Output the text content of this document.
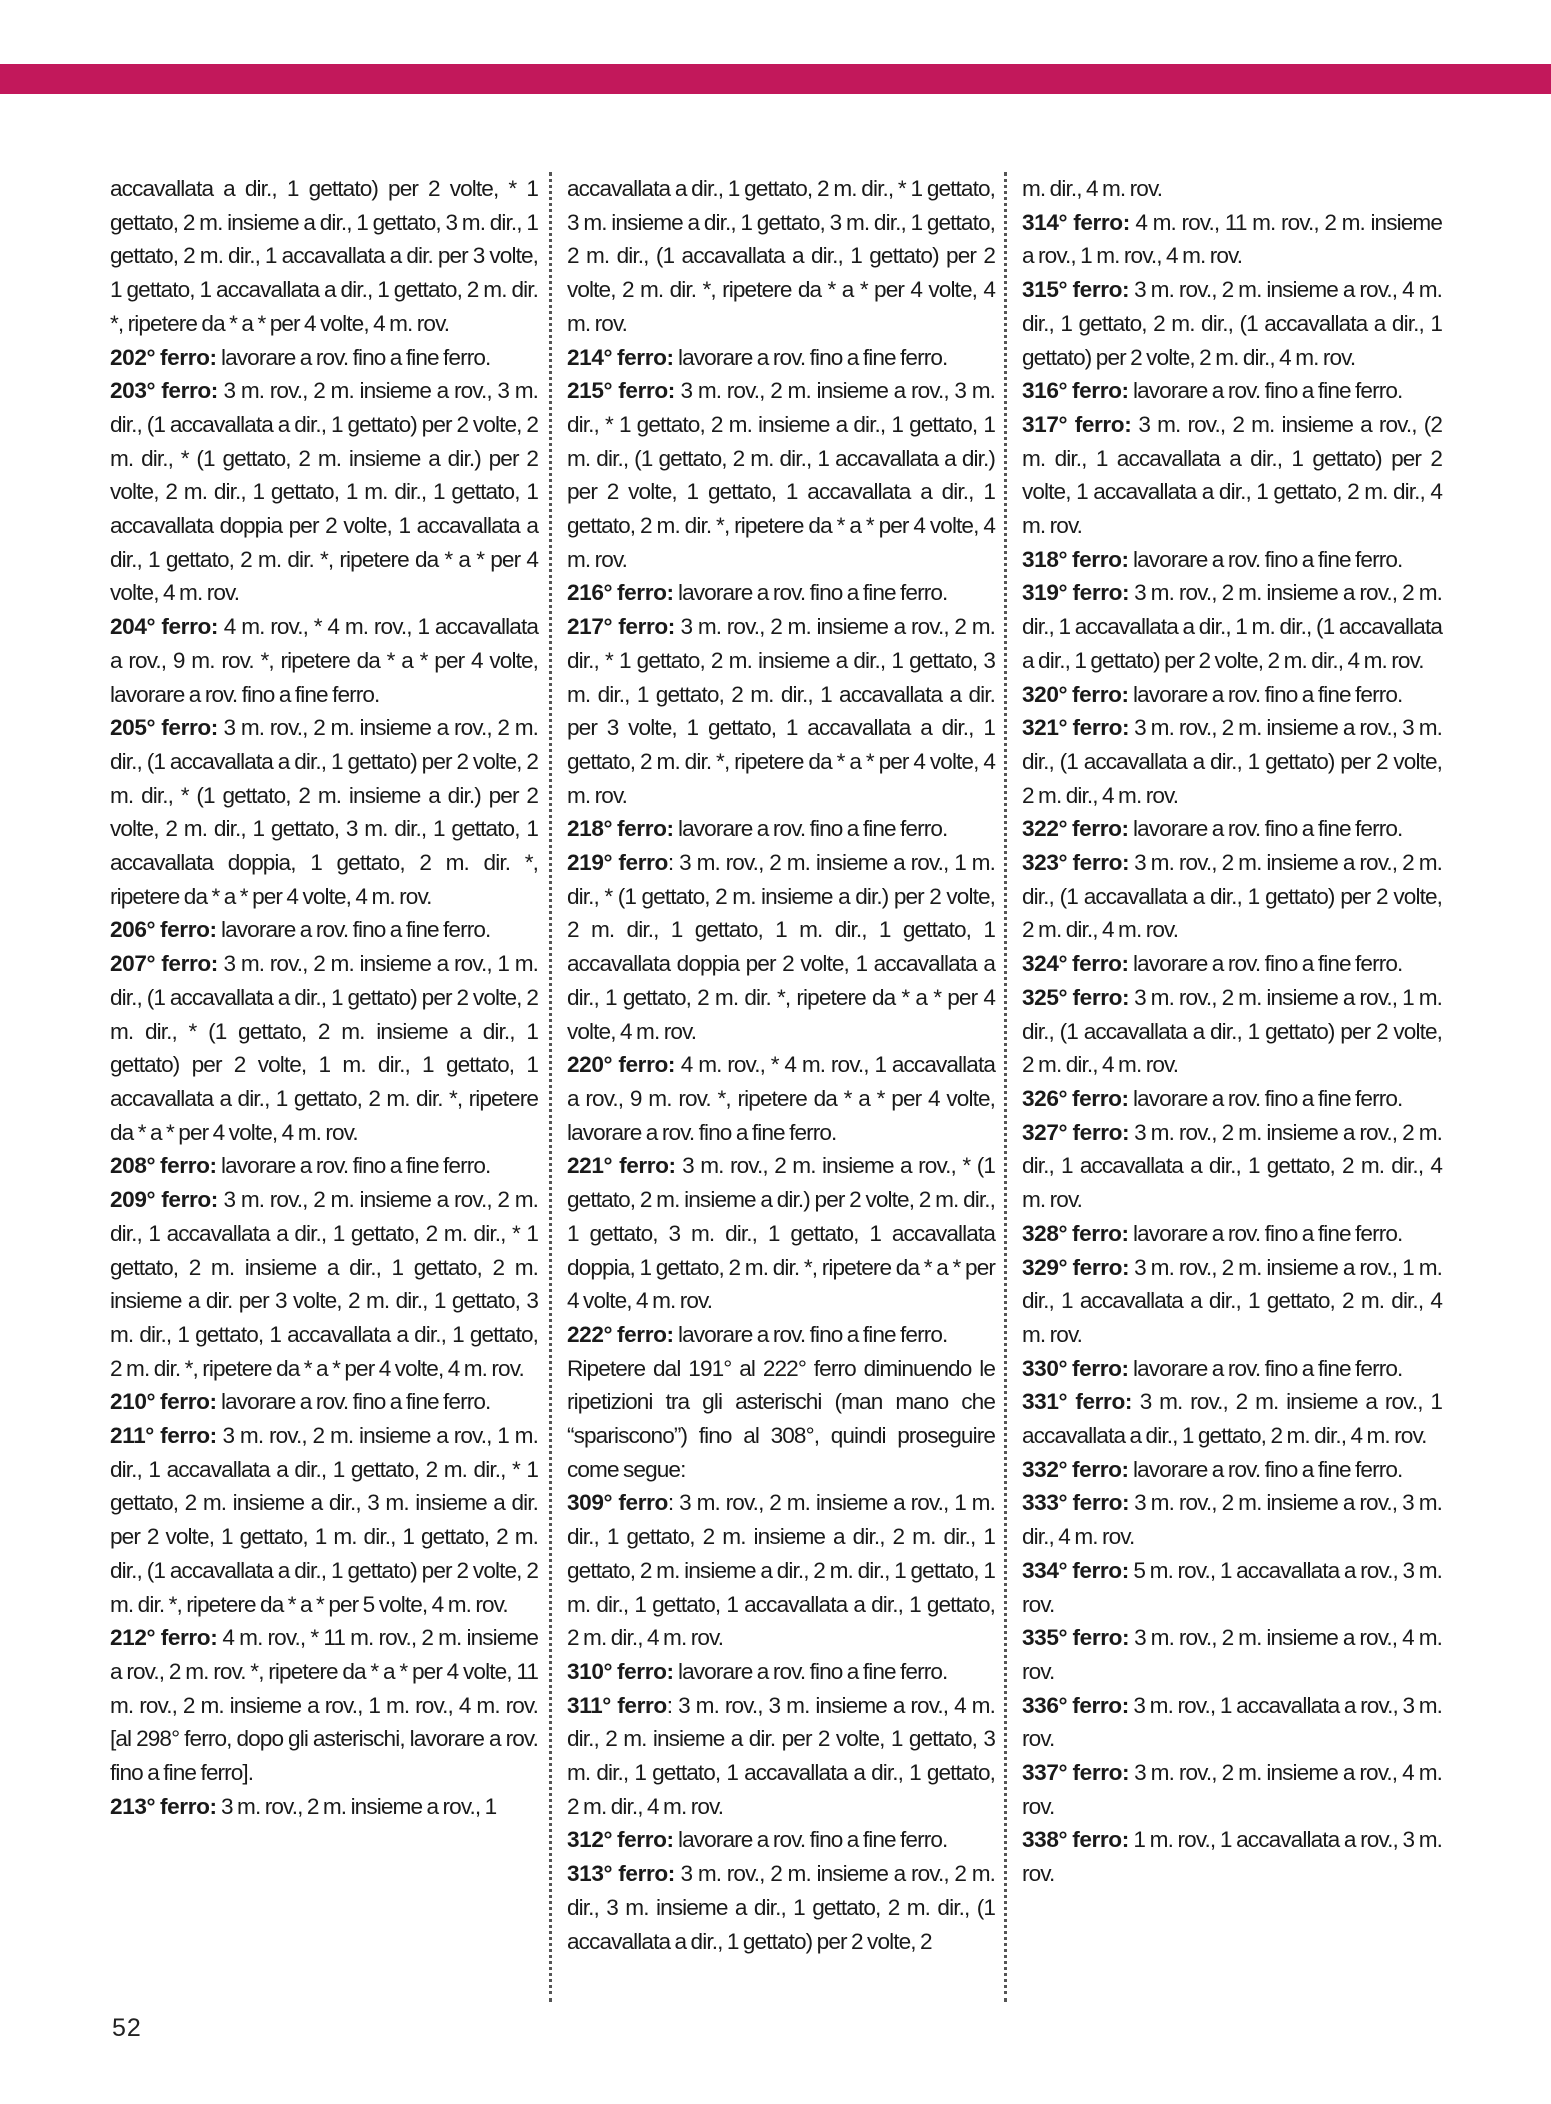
accavallata a dir., 1 gettato) per 2 volte, * 1 gettato, 2 m. insieme a dir., 1 gettato, 3 m. dir., 1 gettato, 2 m. dir., 1 accavallata a dir. per 3 volte, 1 gettato, 1 accavallata a dir., 1 gettato, 2 m. dir. *, ripetere da * a * per 4 volte, 4 m. rov.
202° ferro: lavorare a rov. fino a fine ferro.
203° ferro: 3 m. rov., 2 m. insieme a rov., 3 m. dir., (1 accavallata a dir., 1 gettato) per 2 volte, 2 m. dir., * (1 gettato, 2 m. insieme a dir.) per 2 volte, 2 m. dir., 1 gettato, 1 m. dir., 1 gettato, 1 accavallata doppia per 2 volte, 1 accavallata a dir., 1 gettato, 2 m. dir. *, ripetere da * a * per 4 volte, 4 m. rov.
204° ferro: 4 m. rov., * 4 m. rov., 1 accavallata a rov., 9 m. rov. *, ripetere da * a * per 4 volte, lavorare a rov. fino a fine ferro.
205° ferro: 3 m. rov., 2 m. insieme a rov., 2 m. dir., (1 accavallata a dir., 1 gettato) per 2 volte, 2 m. dir., * (1 gettato, 2 m. insieme a dir.) per 2 volte, 2 m. dir., 1 gettato, 3 m. dir., 1 gettato, 1 accavallata doppia, 1 gettato, 2 m. dir. *, ripetere da * a * per 4 volte, 4 m. rov.
206° ferro: lavorare a rov. fino a fine ferro.
207° ferro: 3 m. rov., 2 m. insieme a rov., 1 m. dir., (1 accavallata a dir., 1 gettato) per 2 volte, 2 m. dir., * (1 gettato, 2 m. insieme a dir., 1 gettato) per 2 volte, 1 m. dir., 1 gettato, 1 accavallata a dir., 1 gettato, 2 m. dir. *, ripetere da * a * per 4 volte, 4 m. rov.
208° ferro: lavorare a rov. fino a fine ferro.
209° ferro: 3 m. rov., 2 m. insieme a rov., 2 m. dir., 1 accavallata a dir., 1 gettato, 2 m. dir., * 1 gettato, 2 m. insieme a dir., 1 gettato, 2 m. insieme a dir. per 3 volte, 2 m. dir., 1 gettato, 3 m. dir., 1 gettato, 1 accavallata a dir., 1 gettato, 2 m. dir. *, ripetere da * a * per 4 volte, 4 m. rov.
210° ferro: lavorare a rov. fino a fine ferro.
211° ferro: 3 m. rov., 2 m. insieme a rov., 1 m. dir., 1 accavallata a dir., 1 gettato, 2 m. dir., * 1 gettato, 2 m. insieme a dir., 3 m. insieme a dir. per 2 volte, 1 gettato, 1 m. dir., 1 gettato, 2 m. dir., (1 accavallata a dir., 1 gettato) per 2 volte, 2 m. dir. *, ripetere da * a * per 5 volte, 4 m. rov.
212° ferro: 4 m. rov., * 11 m. rov., 2 m. insieme a rov., 2 m. rov. *, ripetere da * a * per 4 volte, 11 m. rov., 2 m. insieme a rov., 1 m. rov., 4 m. rov. [al 298° ferro, dopo gli asterischi, lavorare a rov. fino a fine ferro].
213° ferro: 3 m. rov., 2 m. insieme a rov., 1
accavallata a dir., 1 gettato, 2 m. dir., * 1 gettato, 3 m. insieme a dir., 1 gettato, 3 m. dir., 1 gettato, 2 m. dir., (1 accavallata a dir., 1 gettato) per 2 volte, 2 m. dir. *, ripetere da * a * per 4 volte, 4 m. rov.
214° ferro: lavorare a rov. fino a fine ferro.
215° ferro: 3 m. rov., 2 m. insieme a rov., 3 m. dir., * 1 gettato, 2 m. insieme a dir., 1 gettato, 1 m. dir., (1 gettato, 2 m. dir., 1 accavallata a dir.) per 2 volte, 1 gettato, 1 accavallata a dir., 1 gettato, 2 m. dir. *, ripetere da * a * per 4 volte, 4 m. rov.
216° ferro: lavorare a rov. fino a fine ferro.
217° ferro: 3 m. rov., 2 m. insieme a rov., 2 m. dir., * 1 gettato, 2 m. insieme a dir., 1 gettato, 3 m. dir., 1 gettato, 2 m. dir., 1 accavallata a dir. per 3 volte, 1 gettato, 1 accavallata a dir., 1 gettato, 2 m. dir. *, ripetere da * a * per 4 volte, 4 m. rov.
218° ferro: lavorare a rov. fino a fine ferro.
219° ferro: 3 m. rov., 2 m. insieme a rov., 1 m. dir., * (1 gettato, 2 m. insieme a dir.) per 2 volte, 2 m. dir., 1 gettato, 1 m. dir., 1 gettato, 1 accavallata doppia per 2 volte, 1 accavallata a dir., 1 gettato, 2 m. dir. *, ripetere da * a * per 4 volte, 4 m. rov.
220° ferro: 4 m. rov., * 4 m. rov., 1 accavallata a rov., 9 m. rov. *, ripetere da * a * per 4 volte, lavorare a rov. fino a fine ferro.
221° ferro: 3 m. rov., 2 m. insieme a rov., * (1 gettato, 2 m. insieme a dir.) per 2 volte, 2 m. dir., 1 gettato, 3 m. dir., 1 gettato, 1 accavallata doppia, 1 gettato, 2 m. dir. *, ripetere da * a * per 4 volte, 4 m. rov.
222° ferro: lavorare a rov. fino a fine ferro.
Ripetere dal 191° al 222° ferro diminuendo le ripetizioni tra gli asterischi (man mano che “spariscono”) fino al 308°, quindi proseguire come segue:
309° ferro: 3 m. rov., 2 m. insieme a rov., 1 m. dir., 1 gettato, 2 m. insieme a dir., 2 m. dir., 1 gettato, 2 m. insieme a dir., 2 m. dir., 1 gettato, 1 m. dir., 1 gettato, 1 accavallata a dir., 1 gettato, 2 m. dir., 4 m. rov.
310° ferro: lavorare a rov. fino a fine ferro.
311° ferro: 3 m. rov., 3 m. insieme a rov., 4 m. dir., 2 m. insieme a dir. per 2 volte, 1 gettato, 3 m. dir., 1 gettato, 1 accavallata a dir., 1 gettato, 2 m. dir., 4 m. rov.
312° ferro: lavorare a rov. fino a fine ferro.
313° ferro: 3 m. rov., 2 m. insieme a rov., 2 m. dir., 3 m. insieme a dir., 1 gettato, 2 m. dir., (1 accavallata a dir., 1 gettato) per 2 volte, 2
m. dir., 4 m. rov.
314° ferro: 4 m. rov., 11 m. rov., 2 m. insieme a rov., 1 m. rov., 4 m. rov.
315° ferro: 3 m. rov., 2 m. insieme a rov., 4 m. dir., 1 gettato, 2 m. dir., (1 accavallata a dir., 1 gettato) per 2 volte, 2 m. dir., 4 m. rov.
316° ferro: lavorare a rov. fino a fine ferro.
317° ferro: 3 m. rov., 2 m. insieme a rov., (2 m. dir., 1 accavallata a dir., 1 gettato) per 2 volte, 1 accavallata a dir., 1 gettato, 2 m. dir., 4 m. rov.
318° ferro: lavorare a rov. fino a fine ferro.
319° ferro: 3 m. rov., 2 m. insieme a rov., 2 m. dir., 1 accavallata a dir., 1 m. dir., (1 accavallata a dir., 1 gettato) per 2 volte, 2 m. dir., 4 m. rov.
320° ferro: lavorare a rov. fino a fine ferro.
321° ferro: 3 m. rov., 2 m. insieme a rov., 3 m. dir., (1 accavallata a dir., 1 gettato) per 2 volte, 2 m. dir., 4 m. rov.
322° ferro: lavorare a rov. fino a fine ferro.
323° ferro: 3 m. rov., 2 m. insieme a rov., 2 m. dir., (1 accavallata a dir., 1 gettato) per 2 volte, 2 m. dir., 4 m. rov.
324° ferro: lavorare a rov. fino a fine ferro.
325° ferro: 3 m. rov., 2 m. insieme a rov., 1 m. dir., (1 accavallata a dir., 1 gettato) per 2 volte, 2 m. dir., 4 m. rov.
326° ferro: lavorare a rov. fino a fine ferro.
327° ferro: 3 m. rov., 2 m. insieme a rov., 2 m. dir., 1 accavallata a dir., 1 gettato, 2 m. dir., 4 m. rov.
328° ferro: lavorare a rov. fino a fine ferro.
329° ferro: 3 m. rov., 2 m. insieme a rov., 1 m. dir., 1 accavallata a dir., 1 gettato, 2 m. dir., 4 m. rov.
330° ferro: lavorare a rov. fino a fine ferro.
331° ferro: 3 m. rov., 2 m. insieme a rov., 1 accavallata a dir., 1 gettato, 2 m. dir., 4 m. rov.
332° ferro: lavorare a rov. fino a fine ferro.
333° ferro: 3 m. rov., 2 m. insieme a rov., 3 m. dir., 4 m. rov.
334° ferro: 5 m. rov., 1 accavallata a rov., 3 m. rov.
335° ferro: 3 m. rov., 2 m. insieme a rov., 4 m. rov.
336° ferro: 3 m. rov., 1 accavallata a rov., 3 m. rov.
337° ferro: 3 m. rov., 2 m. insieme a rov., 4 m. rov.
338° ferro: 1 m. rov., 1 accavallata a rov., 3 m. rov.
52
